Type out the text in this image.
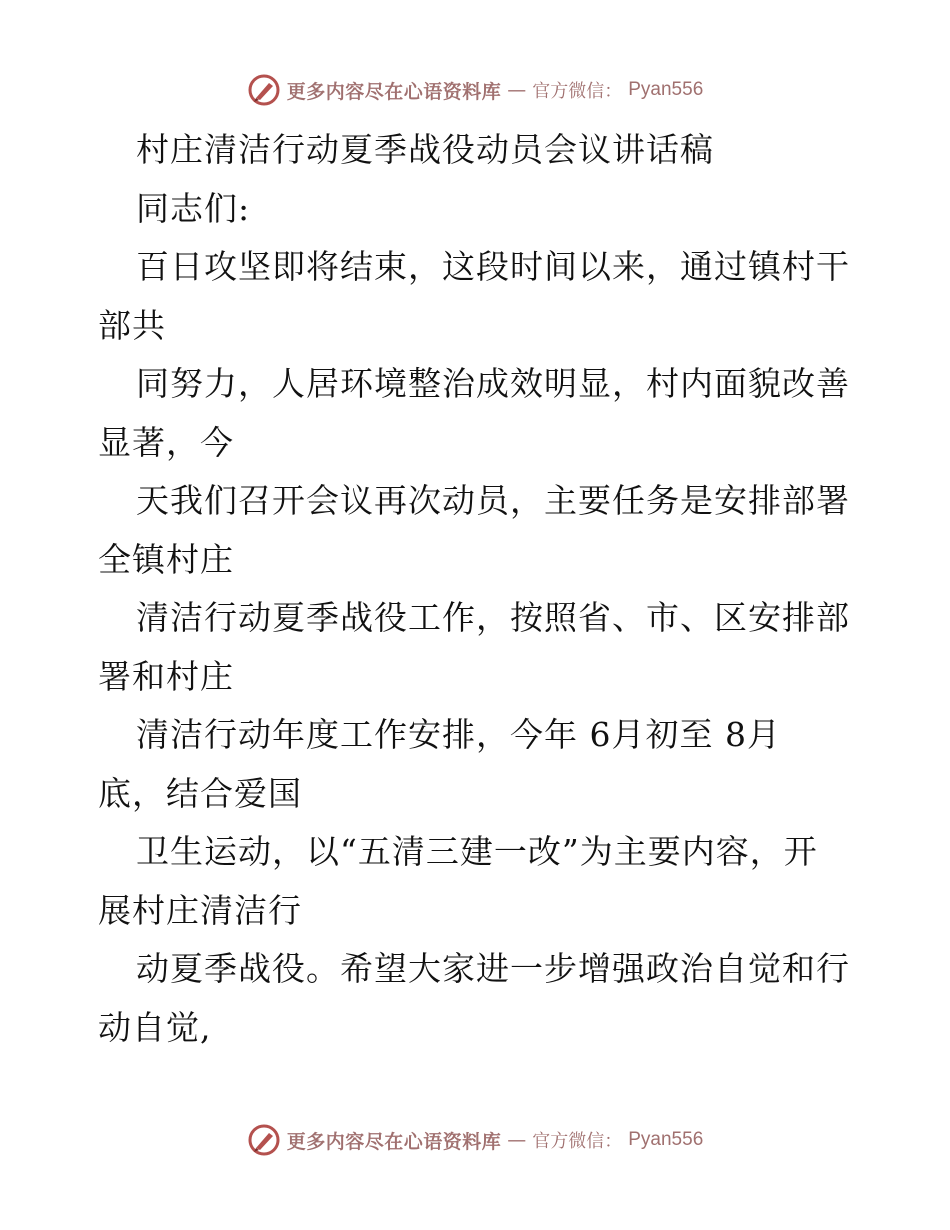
更多内容尽在心语资料库 — 官方微信： Pyan556
村庄清洁行动夏季战役动员会议讲话稿
同志们:
百日攻坚即将结束，这段时间以来，通过镇村干
部共
同努力，人居环境整治成效明显，村内面貌改善
显著，今
天我们召开会议再次动员，主要任务是安排部署
全镇村庄
清洁行动夏季战役工作，按照省、市、区安排部
署和村庄
清洁行动年度工作安排，今年 6月初至 8月
底，结合爱国
卫生运动，以“五清三建一改”为主要内容，开
展村庄清洁行
动夏季战役。希望大家进一步增强政治自觉和行
动自觉,
更多内容尽在心语资料库 — 官方微信： Pyan556
